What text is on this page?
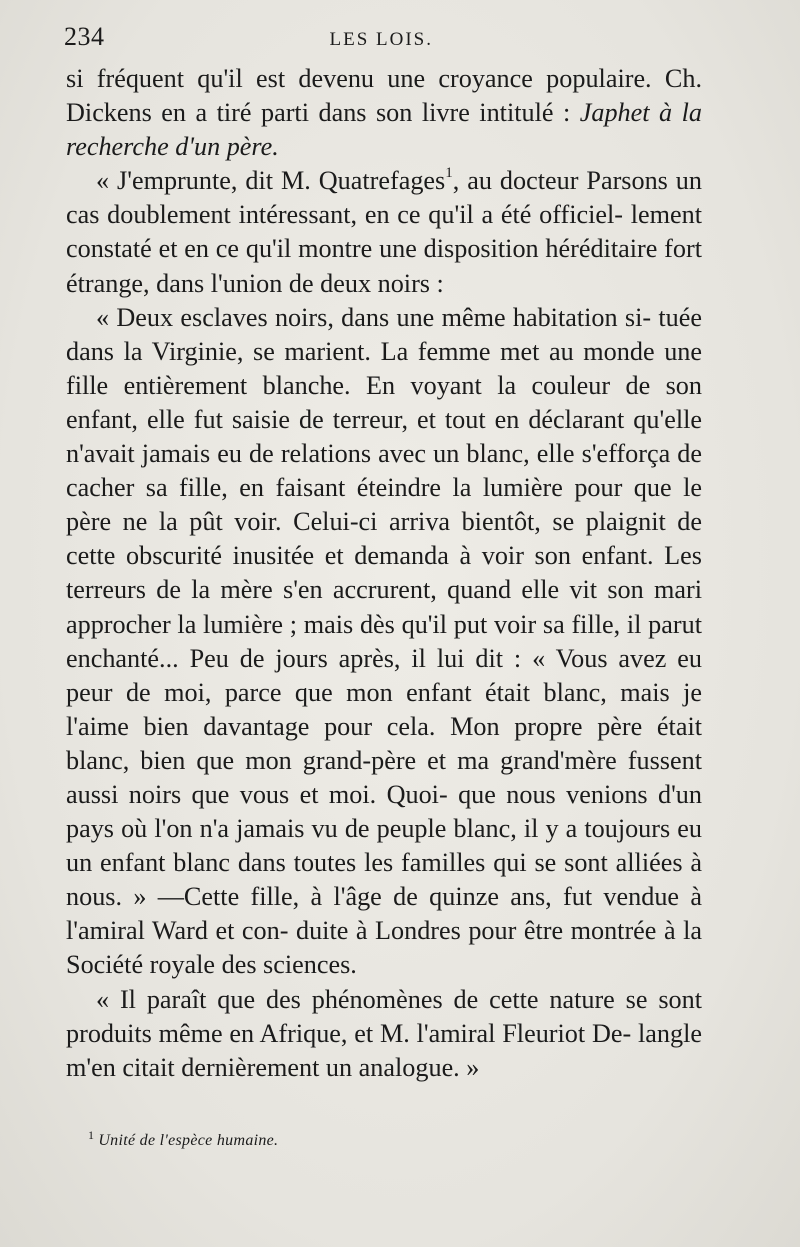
234	LES LOIS.

si fréquent qu'il est devenu une croyance populaire. Ch. Dickens en a tiré parti dans son livre intitulé : Japhet à la recherche d'un père.

« J'emprunte, dit M. Quatrefages$^1$, au docteur Parsons un cas doublement intéressant, en ce qu'il a été officiel- lement constaté et en ce qu'il montre une disposition héréditaire fort étrange, dans l'union de deux noirs :

« Deux esclaves noirs, dans une même habitation si- tuée dans la Virginie, se marient. La femme met au monde une fille entièrement blanche. En voyant la couleur de son enfant, elle fut saisie de terreur, et tout en déclarant qu'elle n'avait jamais eu de relations avec un blanc, elle s'efforça de cacher sa fille, en faisant éteindre la lumière pour que le père ne la pût voir. Celui-ci arriva bientôt, se plaignit de cette obscurité inusitée et demanda à voir son enfant. Les terreurs de la mère s'en accrurent, quand elle vit son mari approcher la lumière ; mais dès qu'il put voir sa fille, il parut enchanté... Peu de jours après, il lui dit : « Vous avez eu peur de moi, parce que mon enfant était blanc, mais je l'aime bien davantage pour cela. Mon propre père était blanc, bien que mon grand-père et ma grand'mère fussent aussi noirs que vous et moi. Quoi- que nous venions d'un pays où l'on n'a jamais vu de peuple blanc, il y a toujours eu un enfant blanc dans toutes les familles qui se sont alliées à nous. » —Cette fille, à l'âge de quinze ans, fut vendue à l'amiral Ward et con- duite à Londres pour être montrée à la Société royale des sciences.

« Il paraît que des phénomènes de cette nature se sont produits même en Afrique, et M. l'amiral Fleuriot De- langle m'en citait dernièrement un analogue. »

$^1$ Unité de l'espèce humaine.
